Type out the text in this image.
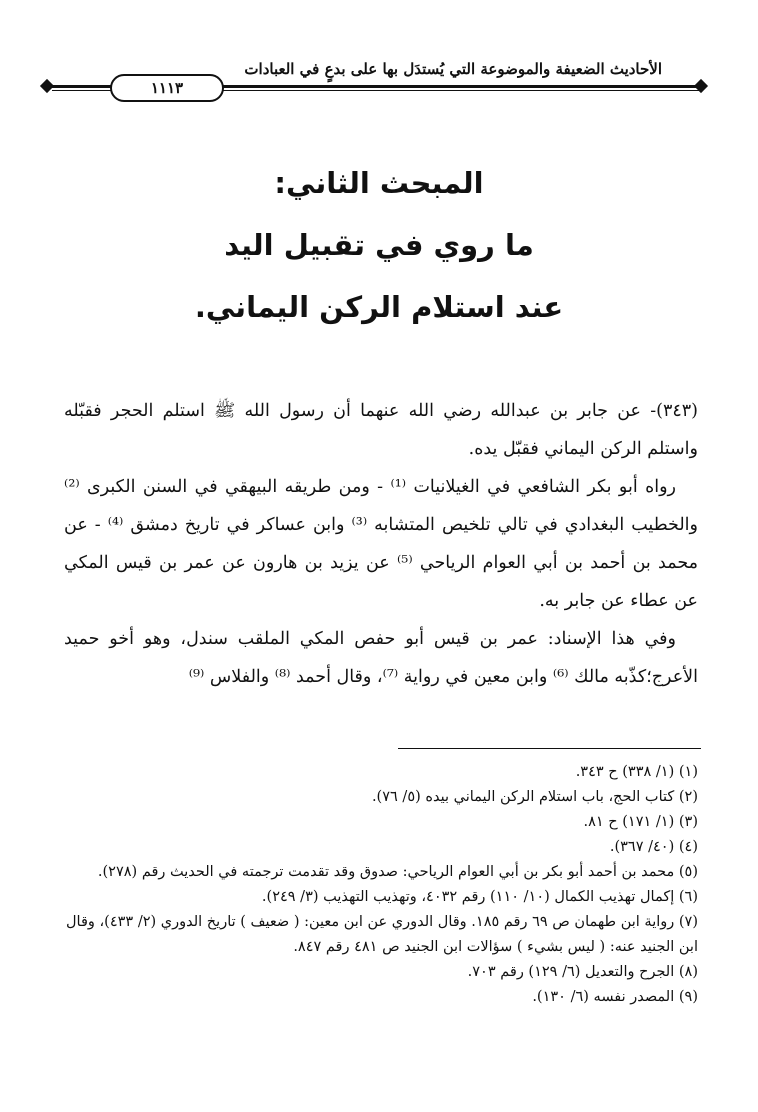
الأحاديث الضعيفة والموضوعة التي يُستدَل بها على بدعٍ في العبادات
١١١٣
المبحث الثاني:
ما روي في تقبيل اليد
عند استلام الركن اليماني.

(٣٤٣)- عن جابر بن عبدالله رضي الله عنهما أن رسول الله ﷺ استلم الحجر فقبّله واستلم الركن اليماني فقبّل يده.

رواه أبو بكر الشافعي في الغيلانيات ⁽¹⁾ - ومن طريقه البيهقي في السنن الكبرى ⁽²⁾ والخطيب البغدادي في تالي تلخيص المتشابه ⁽³⁾ وابن عساكر في تاريخ دمشق ⁽⁴⁾ - عن محمد بن أحمد بن أبي العوام الرياحي ⁽⁵⁾ عن يزيد بن هارون عن عمر بن قيس المكي عن عطاء عن جابر به.

وفي هذا الإسناد: عمر بن قيس أبو حفص المكي الملقب سندل، وهو أخو حميد الأعرج؛كذّبه مالك ⁽⁶⁾ وابن معين في رواية ⁽⁷⁾، وقال أحمد ⁽⁸⁾ والفلاس ⁽⁹⁾

(١) (١/ ٣٣٨) ح ٣٤٣.

(٢) كتاب الحج، باب استلام الركن اليماني بيده (٥/ ٧٦).

(٣) (١/ ١٧١) ح ٨١.

(٤) (٤٠/ ٣٦٧).

(٥) محمد بن أحمد أبو بكر بن أبي العوام الرياحي: صدوق وقد تقدمت ترجمته في الحديث رقم (٢٧٨).

(٦) إكمال تهذيب الكمال (١٠/ ١١٠) رقم ٤٠٣٢، وتهذيب التهذيب (٣/ ٢٤٩).

(٧) رواية ابن طهمان ص ٦٩ رقم ١٨٥. وقال الدوري عن ابن معين: ( ضعيف ) تاريخ الدوري (٢/ ٤٣٣)، وقال ابن الجنيد عنه: ( ليس بشيء ) سؤالات ابن الجنيد ص ٤٨١ رقم ٨٤٧.

(٨) الجرح والتعديل (٦/ ١٢٩) رقم ٧٠٣.

(٩) المصدر نفسه (٦/ ١٣٠).
